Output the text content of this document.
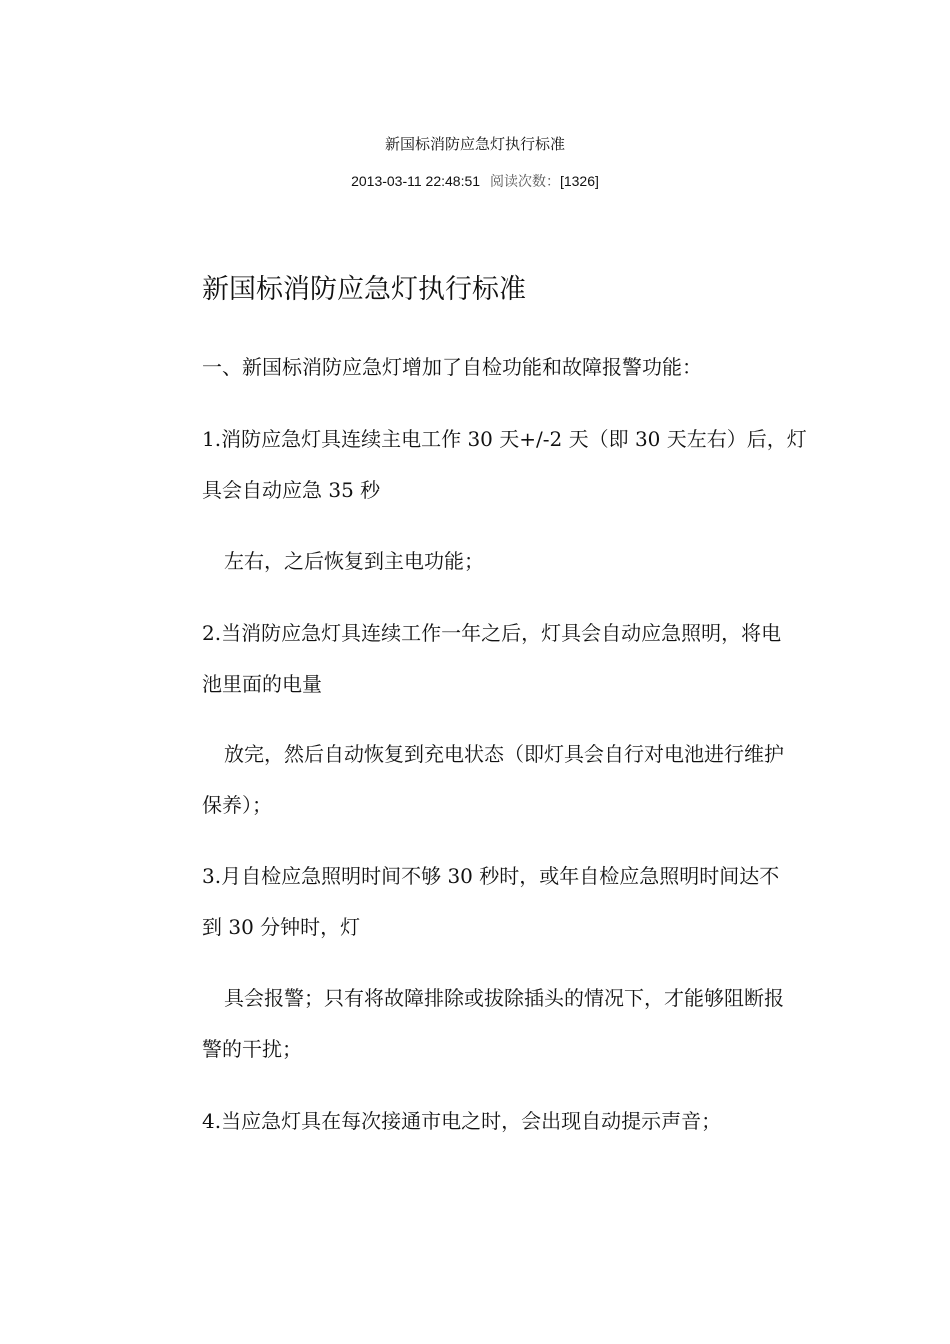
新国标消防应急灯执行标准
2013-03-11 22:48:51 阅读次数：[1326]
新国标消防应急灯执行标准
一、新国标消防应急灯增加了自检功能和故障报警功能：
1.消防应急灯具连续主电工作 30 天+/-2 天（即 30 天左右）后，灯
具会自动应急 35 秒
左右，之后恢复到主电功能；
2.当消防应急灯具连续工作一年之后，灯具会自动应急照明，将电
池里面的电量
放完，然后自动恢复到充电状态（即灯具会自行对电池进行维护
保养）；
3.月自检应急照明时间不够 30 秒时，或年自检应急照明时间达不
到 30 分钟时，灯
具会报警；只有将故障排除或拔除插头的情况下，才能够阻断报
警的干扰；
4.当应急灯具在每次接通市电之时，会出现自动提示声音；
